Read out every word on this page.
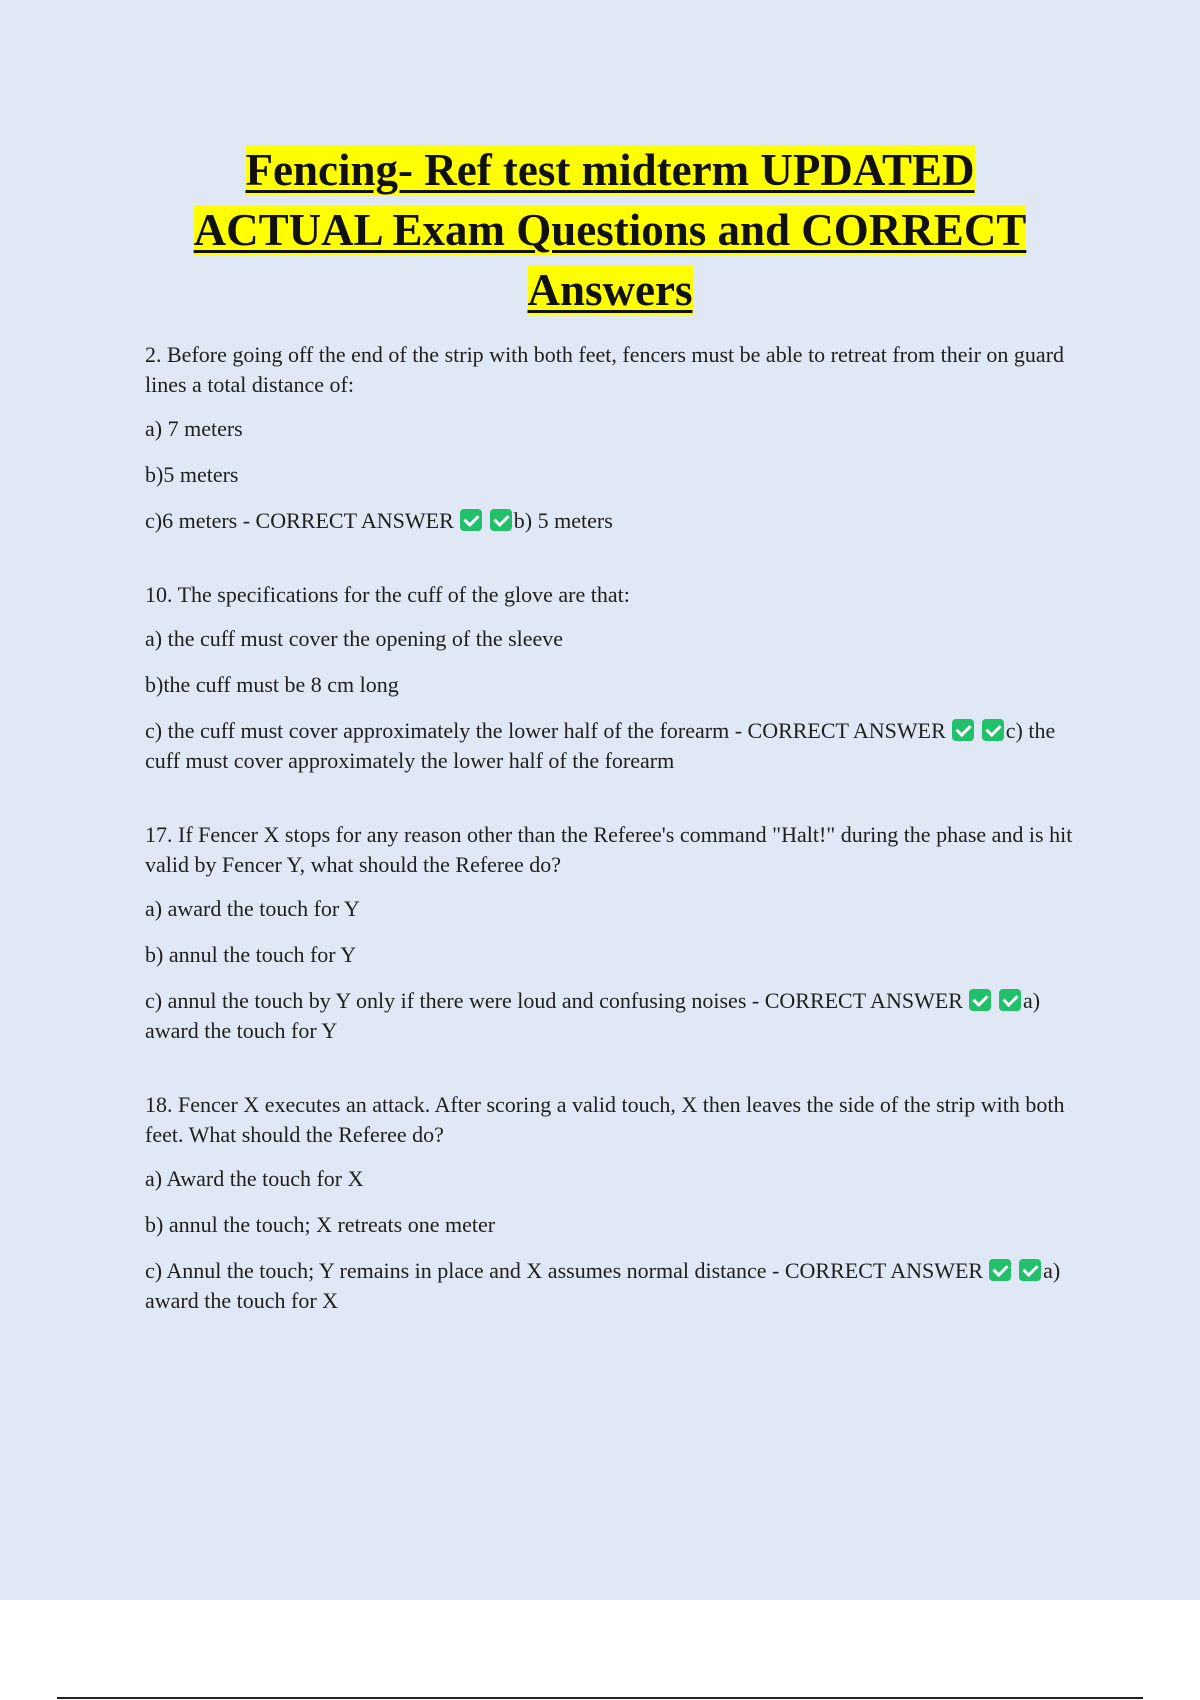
Fencing- Ref test midterm UPDATED
ACTUAL Exam Questions and CORRECT
Answers

2. Before going off the end of the strip with both feet, fencers must be able to retreat from their on guard lines a total distance of:

a) 7 meters

b)5 meters

c)6 meters - CORRECT ANSWER	b) 5 meters

10. The specifications for the cuff of the glove are that:

a) the cuff must cover the opening of the sleeve

b)the cuff must be 8 cm long

c) the cuff must cover approximately the lower half of the forearm - CORRECT ANSWER	c) the cuff must cover approximately the lower half of the forearm

17. If Fencer X stops for any reason other than the Referee's command "Halt!" during the phase and is hit valid by Fencer Y, what should the Referee do?

a) award the touch for Y

b) annul the touch for Y

c) annul the touch by Y only if there were loud and confusing noises - CORRECT ANSWER	a) award the touch for Y

18. Fencer X executes an attack. After scoring a valid touch, X then leaves the side of the strip with both feet. What should the Referee do?

a) Award the touch for X

b) annul the touch; X retreats one meter

c) Annul the touch; Y remains in place and X assumes normal distance - CORRECT ANSWER	a) award the touch for X
